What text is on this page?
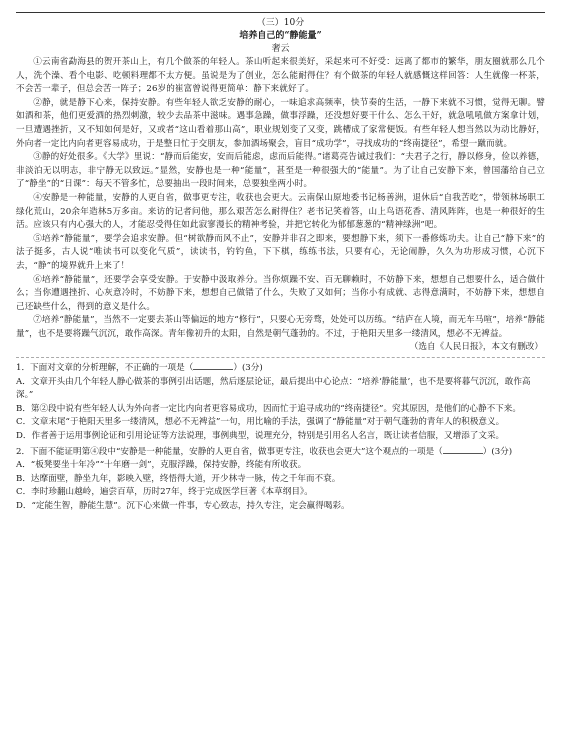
（三）10分

培养自己的“静能量”

奢云

①云南省勐海县的贺开茶山上，有几个做茶的年轻人。茶山听起来很美好，采起来可不好受：远离了都市的繁华，朋友圈就那么几个人，洗个澡、看个电影、吃顿料理都不太方便。虽说是为了创业，怎么能耐得住？有个做茶的年轻人就感慨这样回答：人生就像一杯茶，不会苦一辈子，但总会苦一阵子；26岁的崔富曾说得更简单：静下来就好了。

②静，就是静下心来，保持安静。有些年轻人欲乏安静的耐心，一味追求高频率，快节奏的生活，一静下来就不习惯，觉得无聊。譬如酒和茶，他们更爱酒的热烈刺激，较少去品茶中滋味。遇事急躁，做事浮躁，还没想好要干什么、怎么干好，就急吼吼做方案拿计划，一旦遭遇挫折，又不知如何是好，又或者“这山看着那山高”，职业规划变了又变，跳槽成了家常便饭。有些年轻人想当然以为动比静好，外向者一定比内向者更容易成功，于是整日忙于交朋友，参加酒场聚会，盲目“成功学”，寻找成功的“终南捷径”，希望一蹴而就。

③静的好处很多。《大学》里说：“静而后能安，安而后能虑，虑而后能得。”诸葛亮告诫过我们：“夫君子之行，静以修身，俭以养德，非淡泊无以明志，非宁静无以致远。”显然，安静也是一种“能量”，甚至是一种很强大的“能量”。为了让自己安静下来，曾国藩给自己立了“静坐”的“日课”：每天不管多忙，总要抽出一段时间来，总要独坐两小时。

④安静是一种能量，安静的人更自省，做事更专注，收获也会更大。云南保山原地委书记杨善洲，退休后“自我苦吃”，带领林场职工绿化荒山，20余年造林5万多亩。来访的记者问他，那么艰苦怎么耐得住？老书记笑着答，山上鸟语花香、清风阵阵，也是一种很好的生活。应该只有内心强大的人，才能忍受得住如此寂寥漫长的精神考验，并把它转化为郁郁葱葱的“精神绿洲”吧。

⑤培养“静能量”，要学会追求安静。但“树欲静而风不止”，安静并非召之即来，要想静下来，须下一番修炼功夫。让自己“静下来”的法子挺多，古人说“唯读书可以变化气质”，读读书，钓钓鱼，下下棋，练练书法，只要有心，无论闹静，久久为功形成习惯，心沉下去，“静”的境界就升上来了！

⑥培养“静能量”，还要学会享受安静。于安静中汲取养分。当你烦躁不安、百无聊赖时，不妨静下来，想想自己想要什么，适合做什么；当你遭遇挫折、心灰意冷时，不妨静下来，想想自己做错了什么，失败了又如何；当你小有成就、志得意满时，不妨静下来，想想自己还缺些什么，得到的意义是什么。

⑦培养“静能量”，当然不一定要去茶山等偏远的地方“修行”，只要心无旁骛，处处可以历练。“结庐在人境，而无车马喧”，培养“静能量”，也不是要将躁气沉沉，敢作高深。青年像初升的太阳，自然是朝气蓬勃的。不过，于艳阳天里多一缕清风，想必不无裨益。

（选自《人民日报》，本文有删改）

1．下面对文章的分析理解，不正确的一项是（	）(3分)

A．文章开头由几个年轻人静心做茶的事例引出话题，然后逐层论证，最后提出中心论点：“培养‘静能量’，也不是要将暮气沉沉，敢作高深。”

B．第②段中说有些年轻人认为外向者一定比内向者更容易成功，因而忙于追寻成功的“终南捷径”。究其原因，是他们的心静不下来。

C．文章末尾“于艳阳天里多一缕清风，想必不无裨益”一句，用比喻的手法，强调了“静能量”对于朝气蓬勃的青年人的积极意义。

D．作者善于运用事例论证和引用论证等方法说理，事例典型，说理充分，特别是引用名人名言，既让读者信服，又增添了文采。

2．下面不能证明第④段中“安静是一种能量，安静的人更自省，做事更专注，收获也会更大”这个观点的一项是（	）(3分)

A．“板凳要坐十年冷”“十年磨一剑”，克服浮躁，保持安静，终能有所收获。

B．达摩面壁，静坐九年，影映入壁，终悟得大道，开少林寺一脉，传之千年而不衰。

C．李时珍翻山越岭，遍尝百草，历时27年，终于完成医学巨著《本草纲目》。

D．“定能生智，静能生慧”。沉下心来做一件事，专心致志，持久专注，定会赢得喝彩。
